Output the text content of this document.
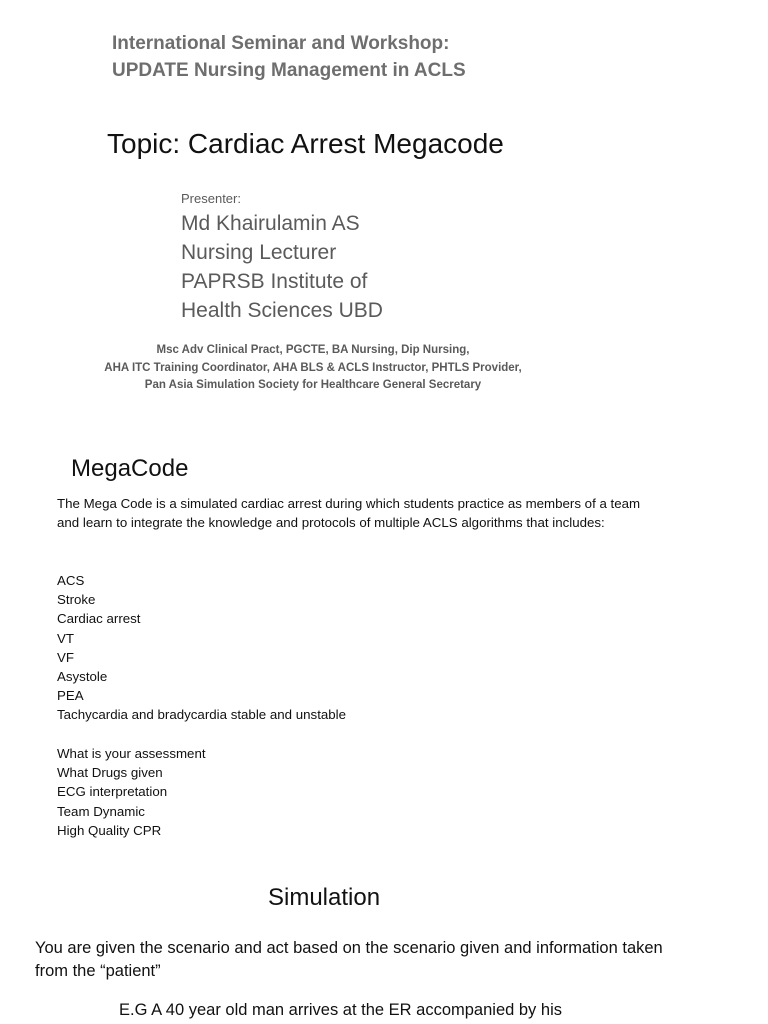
International Seminar and Workshop:
UPDATE Nursing Management in ACLS
Topic: Cardiac Arrest Megacode
Presenter:
Md Khairulamin AS
Nursing Lecturer
PAPRSB Institute of
Health Sciences UBD
Msc Adv Clinical Pract, PGCTE, BA Nursing, Dip Nursing,
AHA ITC Training Coordinator, AHA BLS & ACLS Instructor, PHTLS Provider,
Pan Asia Simulation Society for Healthcare General Secretary
MegaCode
The Mega Code is a simulated cardiac arrest during which students practice as members of a team and learn to integrate the knowledge and protocols of multiple ACLS algorithms that includes:
ACS
Stroke
Cardiac arrest
VT
VF
Asystole
PEA
Tachycardia and bradycardia stable and unstable
What is your assessment
What Drugs given
ECG interpretation
Team Dynamic
High Quality CPR
Simulation
You are given the scenario and act based on the scenario given and information taken from the “patient”
E.G A 40 year old man arrives at the ER accompanied by his
